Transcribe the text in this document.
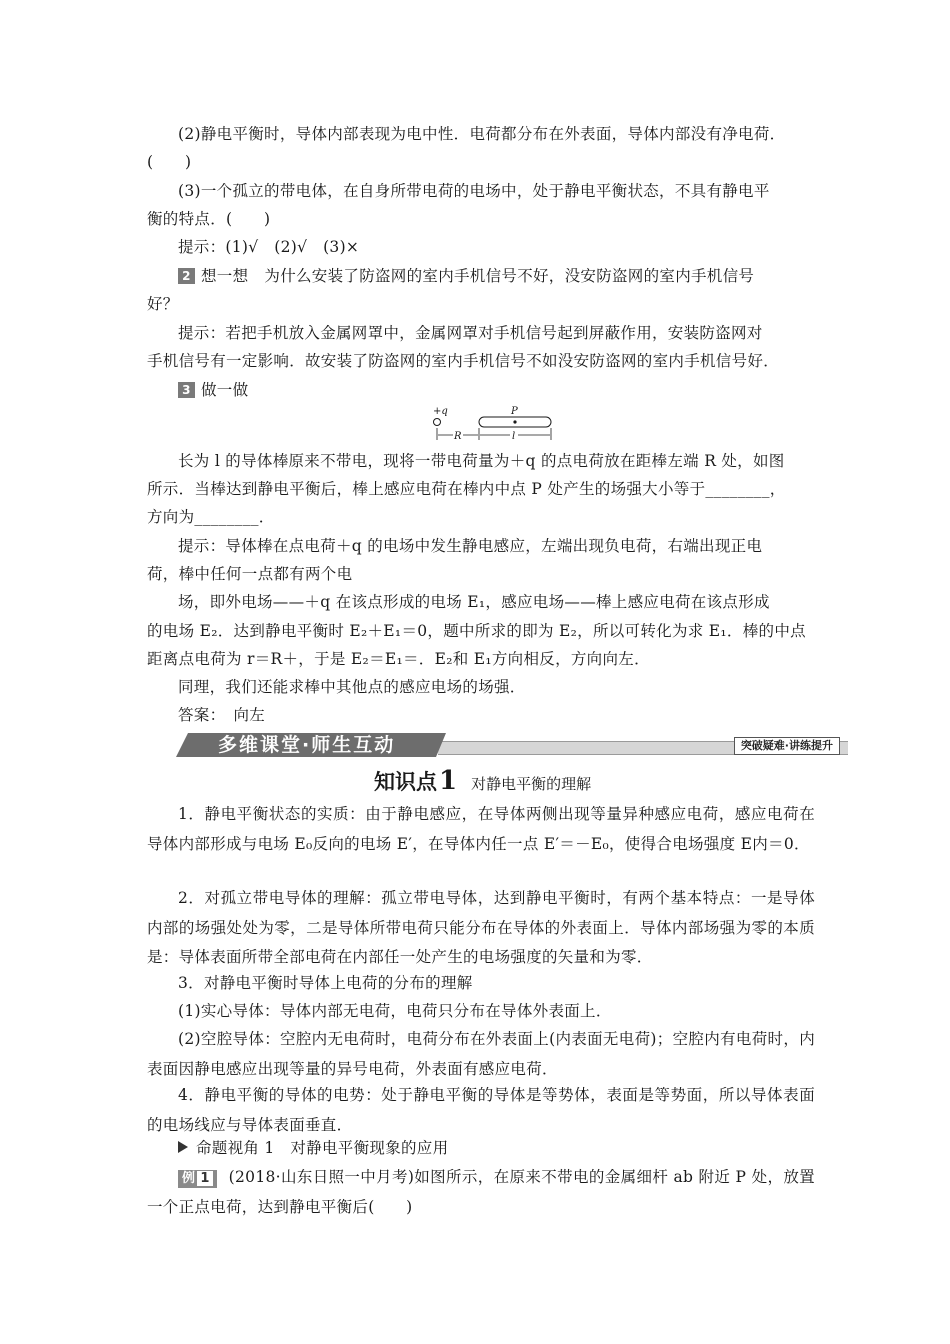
(2)静电平衡时，导体内部表现为电中性．电荷都分布在外表面，导体内部没有净电荷．
(　　)
(3)一个孤立的带电体，在自身所带电荷的电场中，处于静电平衡状态，不具有静电平
衡的特点．(　　)
提示：(1)√　(2)√　(3)×
2 想一想 为什么安装了防盗网的室内手机信号不好，没安防盗网的室内手机信号
好？
提示：若把手机放入金属网罩中，金属网罩对手机信号起到屏蔽作用，安装防盗网对
手机信号有一定影响．故安装了防盗网的室内手机信号不如没安防盗网的室内手机信号好．
3 做一做
+q	P
R	l
长为 l 的导体棒原来不带电，现将一带电荷量为＋q 的点电荷放在距棒左端 R 处，如图
所示．当棒达到静电平衡后，棒上感应电荷在棒内中点 P 处产生的场强大小等于________，
方向为________．
提示：导体棒在点电荷＋q 的电场中发生静电感应，左端出现负电荷，右端出现正电
荷，棒中任何一点都有两个电
场，即外电场——＋q 在该点形成的电场 E₁，感应电场——棒上感应电荷在该点形成
的电场 E₂．达到静电平衡时 E₂＋E₁＝0，题中所求的即为 E₂，所以可转化为求 E₁．棒的中点
距离点电荷为 r＝R＋，于是 E₂＝E₁＝．E₂和 E₁方向相反，方向向左．
同理，我们还能求棒中其他点的感应电场的场强．
答案：　向左
多维课堂·师生互动	突破疑难·讲练提升
知识点1 对静电平衡的理解
1．静电平衡状态的实质：由于静电感应，在导体两侧出现等量异种感应电荷，感应电荷在导体内部形成与电场 E₀反向的电场 E′，在导体内任一点 E′＝－E₀，使得合电场强度 E内＝0．
2．对孤立带电导体的理解：孤立带电导体，达到静电平衡时，有两个基本特点：一是导体内部的场强处处为零，二是导体所带电荷只能分布在导体的外表面上．导体内部场强为零的本质是：导体表面所带全部电荷在内部任一处产生的电场强度的矢量和为零．
3．对静电平衡时导体上电荷的分布的理解
(1)实心导体：导体内部无电荷，电荷只分布在导体外表面上．
(2)空腔导体：空腔内无电荷时，电荷分布在外表面上(内表面无电荷)；空腔内有电荷时，内表面因静电感应出现等量的异号电荷，外表面有感应电荷．
4．静电平衡的导体的电势：处于静电平衡的导体是等势体，表面是等势面，所以导体表面的电场线应与导体表面垂直．
命题视角 1　对静电平衡现象的应用
例 1 (2018·山东日照一中月考)如图所示，在原来不带电的金属细杆 ab 附近 P 处，放置一个正点电荷，达到静电平衡后(　　)
